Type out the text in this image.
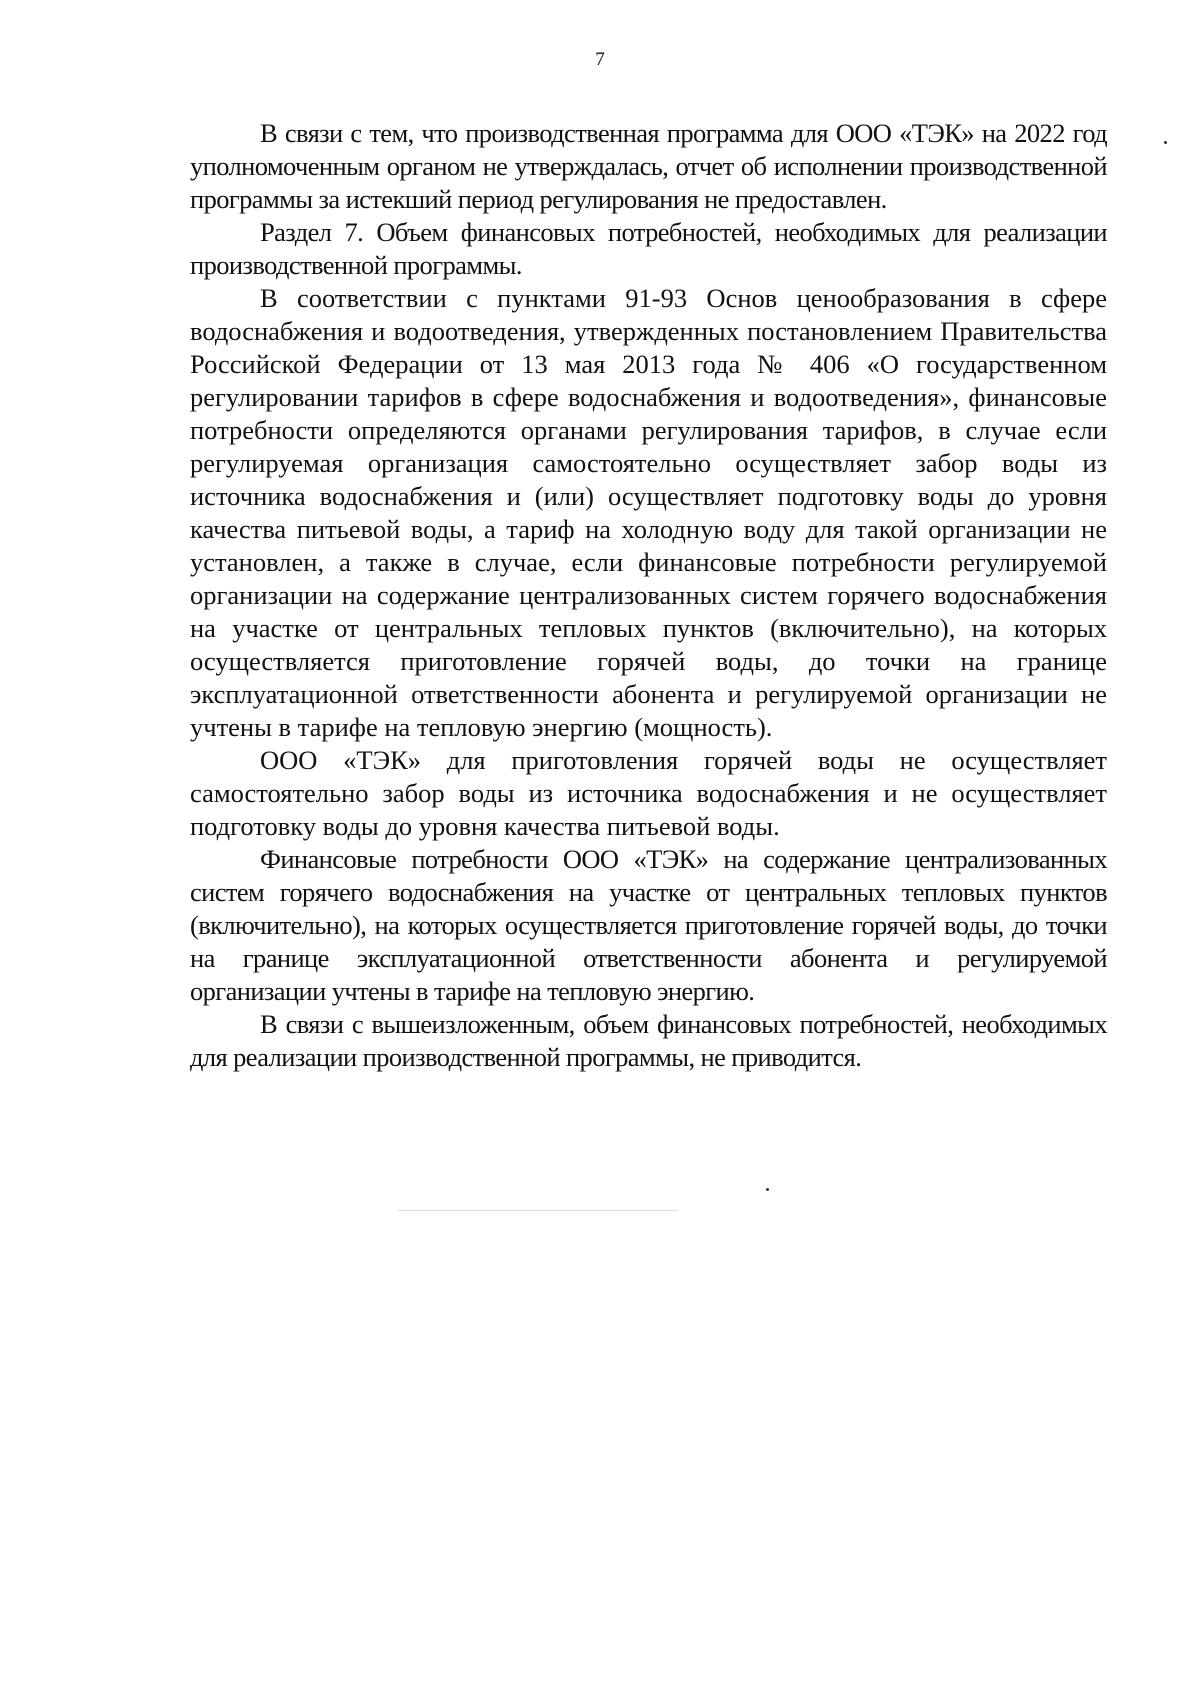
7

В связи с тем, что производственная программа для ООО «ТЭК» на 2022 год уполномоченным органом не утверждалась, отчет об исполнении производственной программы за истекший период регулирования не предоставлен.

Раздел 7. Объем финансовых потребностей, необходимых для реализации производственной программы.

В соответствии с пунктами 91-93 Основ ценообразования в сфере водоснабжения и водоотведения, утвержденных постановлением Правительства Российской Федерации от 13 мая 2013 года № 406 «О государственном регулировании тарифов в сфере водоснабжения и водоотведения», финансовые потребности определяются органами регулирования тарифов, в случае если регулируемая организация самостоятельно осуществляет забор воды из источника водоснабжения и (или) осуществляет подготовку воды до уровня качества питьевой воды, а тариф на холодную воду для такой организации не установлен, а также в случае, если финансовые потребности регулируемой организации на содержание централизованных систем горячего водоснабжения на участке от центральных тепловых пунктов (включительно), на которых осуществляется приготовление горячей воды, до точки на границе эксплуатационной ответственности абонента и регулируемой организации не учтены в тарифе на тепловую энергию (мощность).

ООО «ТЭК» для приготовления горячей воды не осуществляет самостоятельно забор воды из источника водоснабжения и не осуществляет подготовку воды до уровня качества питьевой воды.

Финансовые потребности ООО «ТЭК» на содержание централизованных систем горячего водоснабжения на участке от центральных тепловых пунктов (включительно), на которых осуществляется приготовление горячей воды, до точки на границе эксплуатационной ответственности абонента и регулируемой организации учтены в тарифе на тепловую энергию.

В связи с вышеизложенным, объем финансовых потребностей, необходимых для реализации производственной программы, не приводится.
